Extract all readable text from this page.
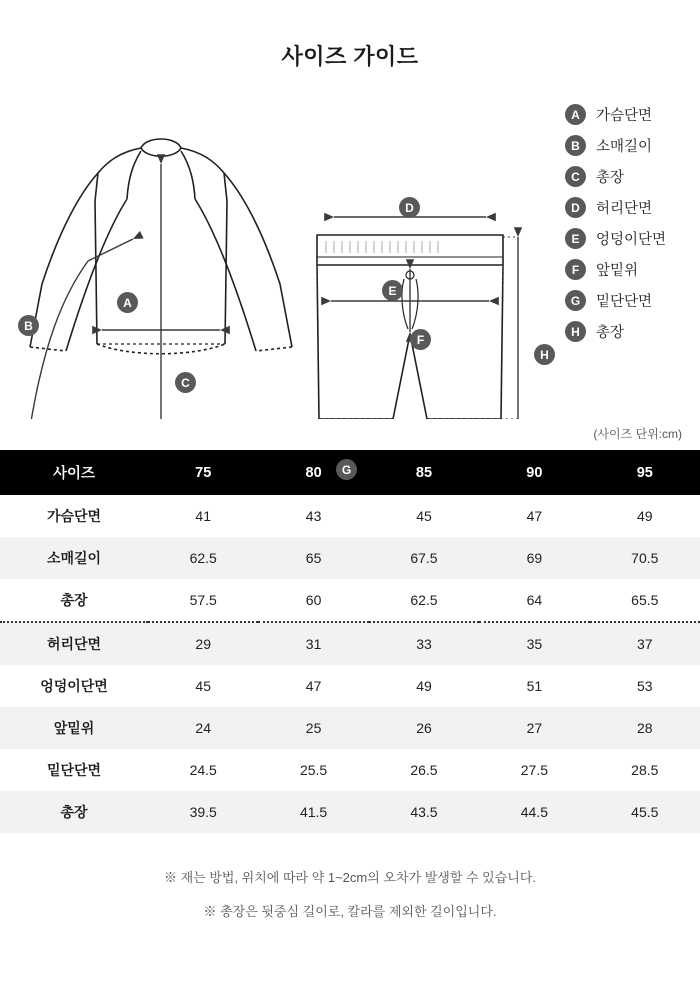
사이즈 가이드
A
B
C
D
E
F
G
H
A	가슴단면
B	소매길이
C	총장
D	허리단면
E	엉덩이단면
F	앞밑위
G	밑단단면
H	총장
(사이즈 단위:cm)
사이즈	75	80	85	90	95
가슴단면	41	43	45	47	49
소매길이	62.5	65	67.5	69	70.5
총장	57.5	60	62.5	64	65.5
허리단면	29	31	33	35	37
엉덩이단면	45	47	49	51	53
앞밑위	24	25	26	27	28
밑단단면	24.5	25.5	26.5	27.5	28.5
총장	39.5	41.5	43.5	44.5	45.5
※ 재는 방법, 위치에 따라 약 1~2cm의 오차가 발생할 수 있습니다.
※ 총장은 뒷중심 길이로, 칼라를 제외한 길이입니다.
